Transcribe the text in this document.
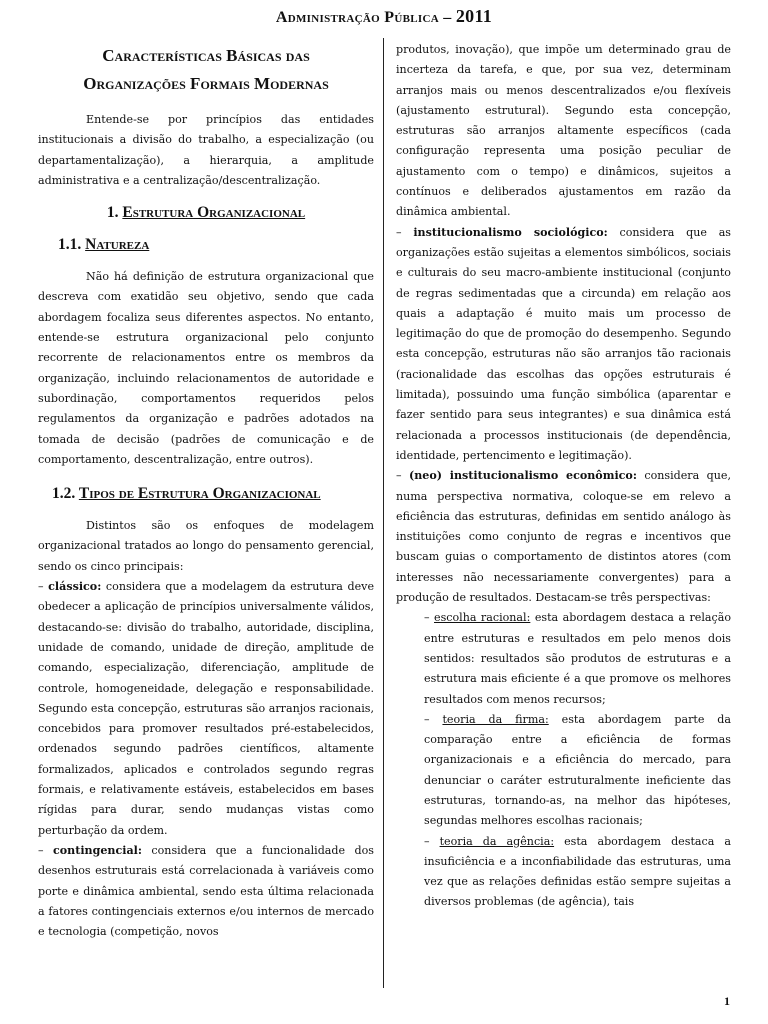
Administração Pública – 2011
Características Básicas das
Organizações Formais Modernas

Entende-se por princípios das entidades institucionais a divisão do trabalho, a especialização (ou departamentalização), a hierarquia, a amplitude administrativa e a centralização/descentralização.

1. Estrutura Organizacional
1.1. Natureza

Não há definição de estrutura organizacional que descreva com exatidão seu objetivo, sendo que cada abordagem focaliza seus diferentes aspectos. No entanto, entende-se estrutura organizacional pelo conjunto recorrente de relacionamentos entre os membros da organização, incluindo relacionamentos de autoridade e subordinação, comportamentos requeridos pelos regulamentos da organização e padrões adotados na tomada de decisão (padrões de comunicação e de comportamento, descentralização, entre outros).

1.2. Tipos de Estrutura Organizacional

Distintos são os enfoques de modelagem organizacional tratados ao longo do pensamento gerencial, sendo os cinco principais:

– clássico: considera que a modelagem da estrutura deve obedecer a aplicação de princípios universalmente válidos, destacando-se: divisão do trabalho, autoridade, disciplina, unidade de comando, unidade de direção, amplitude de comando, especialização, diferenciação, amplitude de controle, homogeneidade, delegação e responsabilidade. Segundo esta concepção, estruturas são arranjos racionais, concebidos para promover resultados pré-estabelecidos, ordenados segundo padrões científicos, altamente formalizados, aplicados e controlados segundo regras formais, e relativamente estáveis, estabelecidos em bases rígidas para durar, sendo mudanças vistas como perturbação da ordem.

– contingencial: considera que a funcionalidade dos desenhos estruturais está correlacionada à variáveis como porte e dinâmica ambiental, sendo esta última relacionada a fatores contingenciais externos e/ou internos de mercado e tecnologia (competição, novos

produtos, inovação), que impõe um determinado grau de incerteza da tarefa, e que, por sua vez, determinam arranjos mais ou menos descentralizados e/ou flexíveis (ajustamento estrutural). Segundo esta concepção, estruturas são arranjos altamente específicos (cada configuração representa uma posição peculiar de ajustamento com o tempo) e dinâmicos, sujeitos a contínuos e deliberados ajustamentos em razão da dinâmica ambiental.

– institucionalismo sociológico: considera que as organizações estão sujeitas a elementos simbólicos, sociais e culturais do seu macro-ambiente institucional (conjunto de regras sedimentadas que a circunda) em relação aos quais a adaptação é muito mais um processo de legitimação do que de promoção do desempenho. Segundo esta concepção, estruturas não são arranjos tão racionais (racionalidade das escolhas das opções estruturais é limitada), possuindo uma função simbólica (aparentar e fazer sentido para seus integrantes) e sua dinâmica está relacionada a processos institucionais (de dependência, identidade, pertencimento e legitimação).

– (neo) institucionalismo econômico: considera que, numa perspectiva normativa, coloque-se em relevo a eficiência das estruturas, definidas em sentido análogo às instituições como conjunto de regras e incentivos que buscam guias o comportamento de distintos atores (com interesses não necessariamente convergentes) para a produção de resultados. Destacam-se três perspectivas:

– escolha racional: esta abordagem destaca a relação entre estruturas e resultados em pelo menos dois sentidos: resultados são produtos de estruturas e a estrutura mais eficiente é a que promove os melhores resultados com menos recursos;

– teoria da firma: esta abordagem parte da comparação entre a eficiência de formas organizacionais e a eficiência do mercado, para denunciar o caráter estruturalmente ineficiente das estruturas, tornando-as, na melhor das hipóteses, segundas melhores escolhas racionais;

– teoria da agência: esta abordagem destaca a insuficiência e a inconfiabilidade das estruturas, uma vez que as relações definidas estão sempre sujeitas a diversos problemas (de agência), tais

1
